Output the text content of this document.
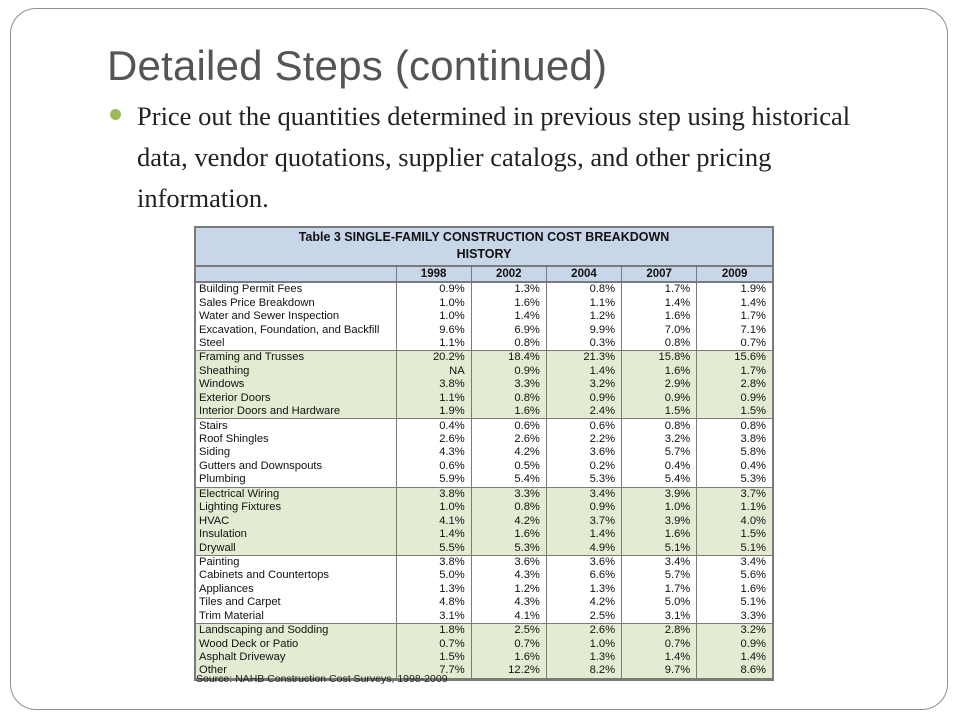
Detailed Steps (continued)

Price out the quantities determined in previous step using historical data, vendor quotations, supplier catalogs, and other pricing information.

Table 3 SINGLE-FAMILY CONSTRUCTION COST BREAKDOWN
HISTORY
	1998	2002	2004	2007	2009
Building Permit Fees	0.9%	1.3%	0.8%	1.7%	1.9%
Sales Price Breakdown	1.0%	1.6%	1.1%	1.4%	1.4%
Water and Sewer Inspection	1.0%	1.4%	1.2%	1.6%	1.7%
Excavation, Foundation, and Backfill	9.6%	6.9%	9.9%	7.0%	7.1%
Steel	1.1%	0.8%	0.3%	0.8%	0.7%
Framing and Trusses	20.2%	18.4%	21.3%	15.8%	15.6%
Sheathing	NA	0.9%	1.4%	1.6%	1.7%
Windows	3.8%	3.3%	3.2%	2.9%	2.8%
Exterior Doors	1.1%	0.8%	0.9%	0.9%	0.9%
Interior Doors and Hardware	1.9%	1.6%	2.4%	1.5%	1.5%
Stairs	0.4%	0.6%	0.6%	0.8%	0.8%
Roof Shingles	2.6%	2.6%	2.2%	3.2%	3.8%
Siding	4.3%	4.2%	3.6%	5.7%	5.8%
Gutters and Downspouts	0.6%	0.5%	0.2%	0.4%	0.4%
Plumbing	5.9%	5.4%	5.3%	5.4%	5.3%
Electrical Wiring	3.8%	3.3%	3.4%	3.9%	3.7%
Lighting Fixtures	1.0%	0.8%	0.9%	1.0%	1.1%
HVAC	4.1%	4.2%	3.7%	3.9%	4.0%
Insulation	1.4%	1.6%	1.4%	1.6%	1.5%
Drywall	5.5%	5.3%	4.9%	5.1%	5.1%
Painting	3.8%	3.6%	3.6%	3.4%	3.4%
Cabinets and Countertops	5.0%	4.3%	6.6%	5.7%	5.6%
Appliances	1.3%	1.2%	1.3%	1.7%	1.6%
Tiles and Carpet	4.8%	4.3%	4.2%	5.0%	5.1%
Trim Material	3.1%	4.1%	2.5%	3.1%	3.3%
Landscaping and Sodding	1.8%	2.5%	2.6%	2.8%	3.2%
Wood Deck or Patio	0.7%	0.7%	1.0%	0.7%	0.9%
Asphalt Driveway	1.5%	1.6%	1.3%	1.4%	1.4%
Other	7.7%	12.2%	8.2%	9.7%	8.6%
Source: NAHB Construction Cost Surveys, 1998-2009
